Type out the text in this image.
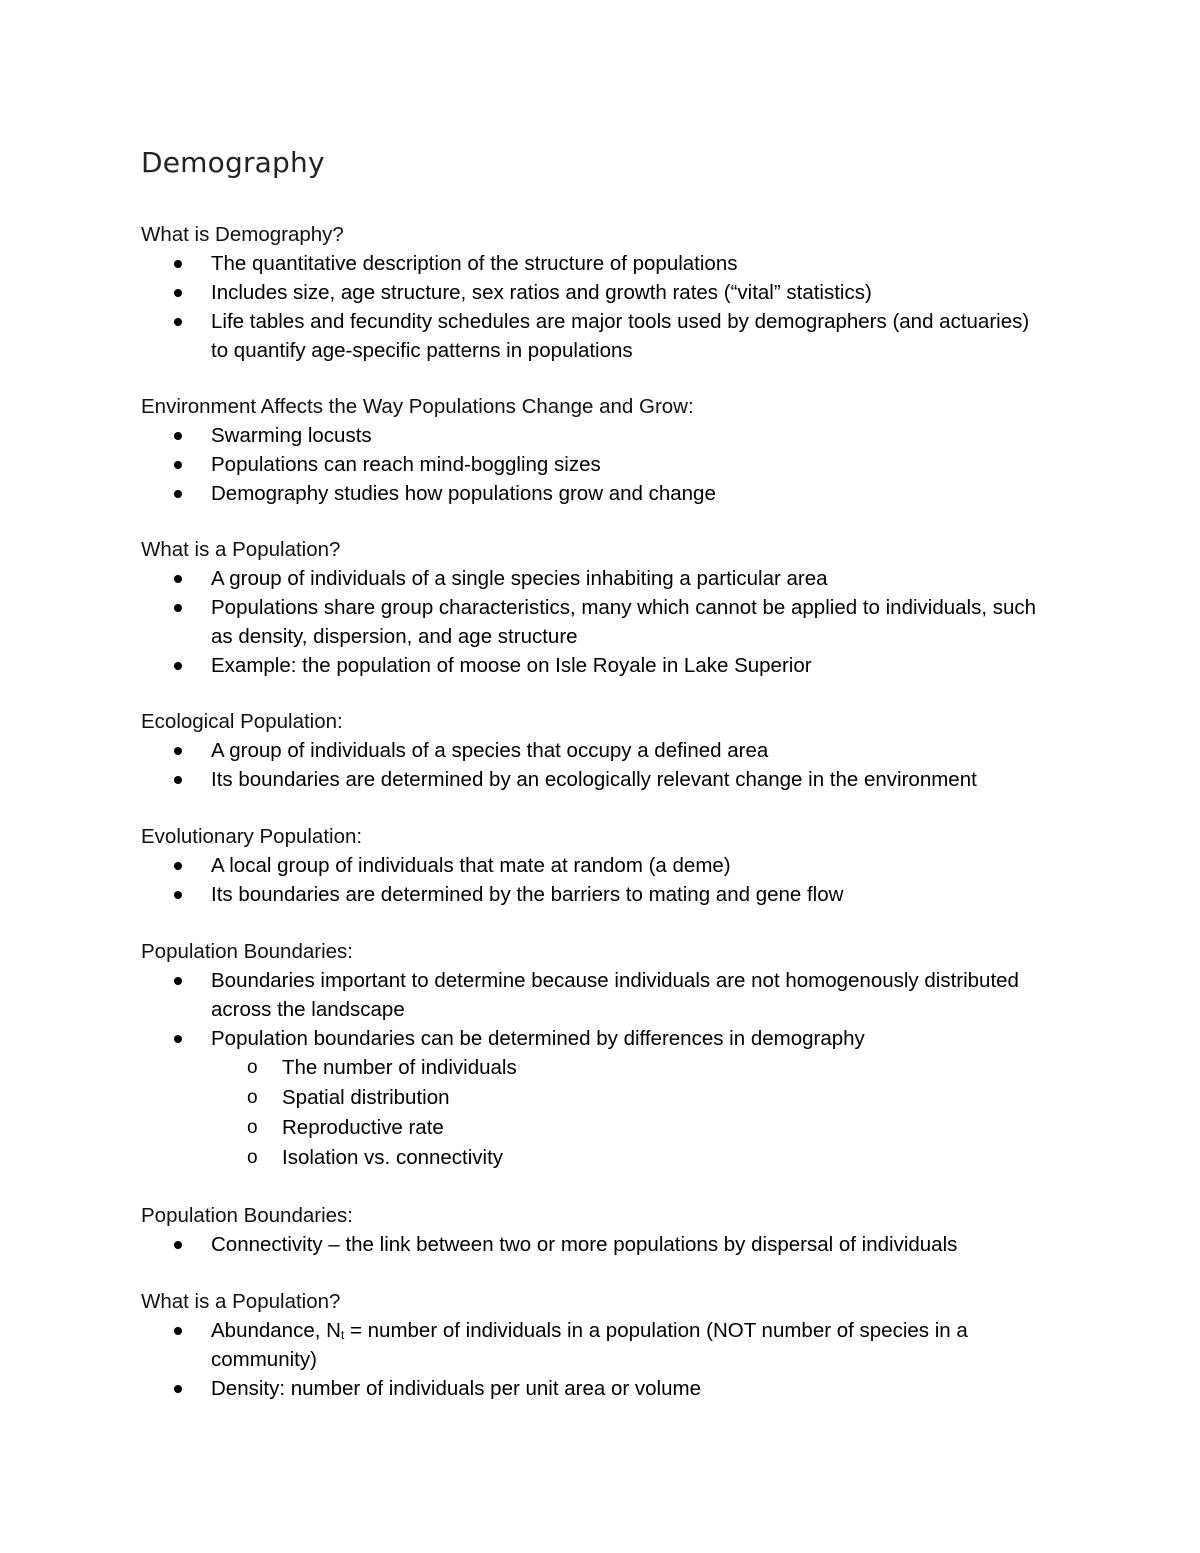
Demography

What is Demography?

The quantitative description of the structure of populations
Includes size, age structure, sex ratios and growth rates (“vital” statistics)
Life tables and fecundity schedules are major tools used by demographers (and actuaries) to quantify age-specific patterns in populations

Environment Affects the Way Populations Change and Grow:

Swarming locusts
Populations can reach mind-boggling sizes
Demography studies how populations grow and change

What is a Population?

A group of individuals of a single species inhabiting a particular area
Populations share group characteristics, many which cannot be applied to individuals, such as density, dispersion, and age structure
Example: the population of moose on Isle Royale in Lake Superior

Ecological Population:

A group of individuals of a species that occupy a defined area
Its boundaries are determined by an ecologically relevant change in the environment

Evolutionary Population:

A local group of individuals that mate at random (a deme)
Its boundaries are determined by the barriers to mating and gene flow

Population Boundaries:

Boundaries important to determine because individuals are not homogenously distributed across the landscape
Population boundaries can be determined by differences in demography
o The number of individuals
o Spatial distribution
o Reproductive rate
o Isolation vs. connectivity

Population Boundaries:

Connectivity – the link between two or more populations by dispersal of individuals

What is a Population?

Abundance, $N_t$ = number of individuals in a population (NOT number of species in a community)
Density: number of individuals per unit area or volume
